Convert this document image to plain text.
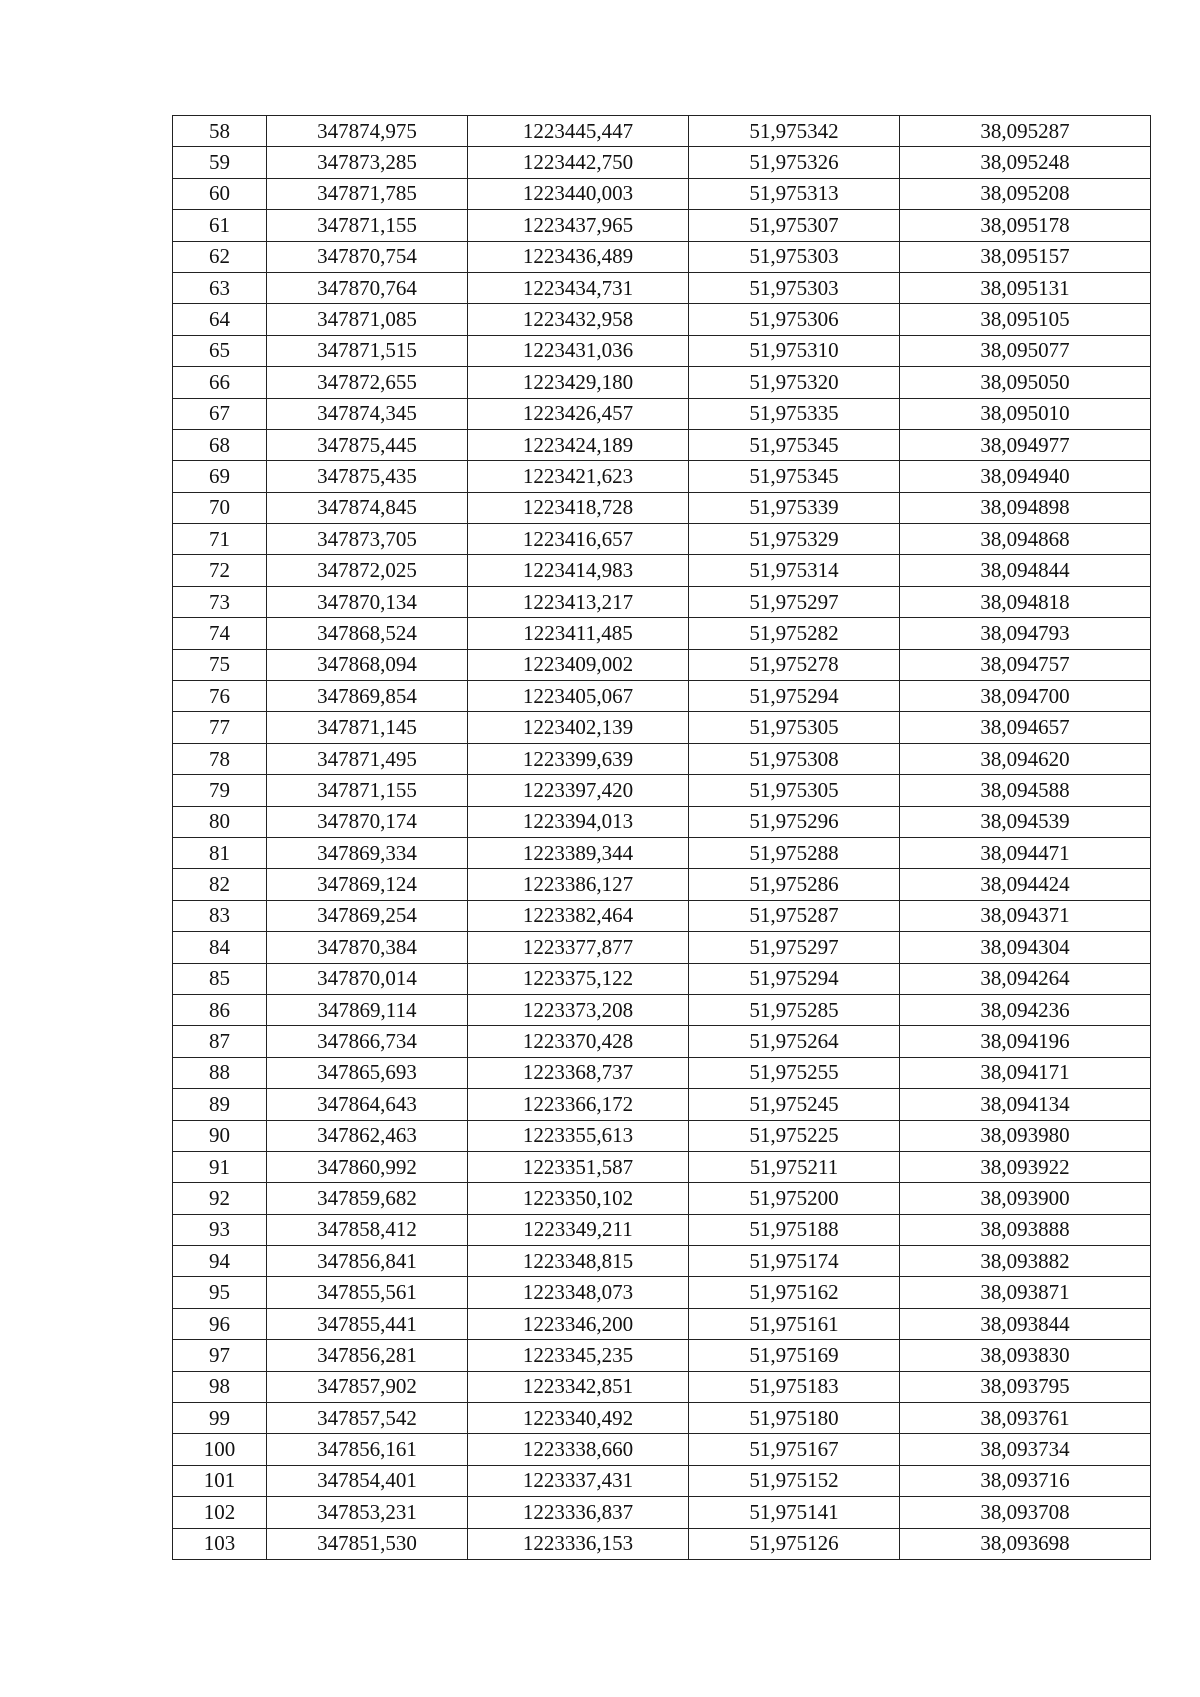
58	347874,975	1223445,447	51,975342	38,095287
59	347873,285	1223442,750	51,975326	38,095248
60	347871,785	1223440,003	51,975313	38,095208
61	347871,155	1223437,965	51,975307	38,095178
62	347870,754	1223436,489	51,975303	38,095157
63	347870,764	1223434,731	51,975303	38,095131
64	347871,085	1223432,958	51,975306	38,095105
65	347871,515	1223431,036	51,975310	38,095077
66	347872,655	1223429,180	51,975320	38,095050
67	347874,345	1223426,457	51,975335	38,095010
68	347875,445	1223424,189	51,975345	38,094977
69	347875,435	1223421,623	51,975345	38,094940
70	347874,845	1223418,728	51,975339	38,094898
71	347873,705	1223416,657	51,975329	38,094868
72	347872,025	1223414,983	51,975314	38,094844
73	347870,134	1223413,217	51,975297	38,094818
74	347868,524	1223411,485	51,975282	38,094793
75	347868,094	1223409,002	51,975278	38,094757
76	347869,854	1223405,067	51,975294	38,094700
77	347871,145	1223402,139	51,975305	38,094657
78	347871,495	1223399,639	51,975308	38,094620
79	347871,155	1223397,420	51,975305	38,094588
80	347870,174	1223394,013	51,975296	38,094539
81	347869,334	1223389,344	51,975288	38,094471
82	347869,124	1223386,127	51,975286	38,094424
83	347869,254	1223382,464	51,975287	38,094371
84	347870,384	1223377,877	51,975297	38,094304
85	347870,014	1223375,122	51,975294	38,094264
86	347869,114	1223373,208	51,975285	38,094236
87	347866,734	1223370,428	51,975264	38,094196
88	347865,693	1223368,737	51,975255	38,094171
89	347864,643	1223366,172	51,975245	38,094134
90	347862,463	1223355,613	51,975225	38,093980
91	347860,992	1223351,587	51,975211	38,093922
92	347859,682	1223350,102	51,975200	38,093900
93	347858,412	1223349,211	51,975188	38,093888
94	347856,841	1223348,815	51,975174	38,093882
95	347855,561	1223348,073	51,975162	38,093871
96	347855,441	1223346,200	51,975161	38,093844
97	347856,281	1223345,235	51,975169	38,093830
98	347857,902	1223342,851	51,975183	38,093795
99	347857,542	1223340,492	51,975180	38,093761
100	347856,161	1223338,660	51,975167	38,093734
101	347854,401	1223337,431	51,975152	38,093716
102	347853,231	1223336,837	51,975141	38,093708
103	347851,530	1223336,153	51,975126	38,093698
